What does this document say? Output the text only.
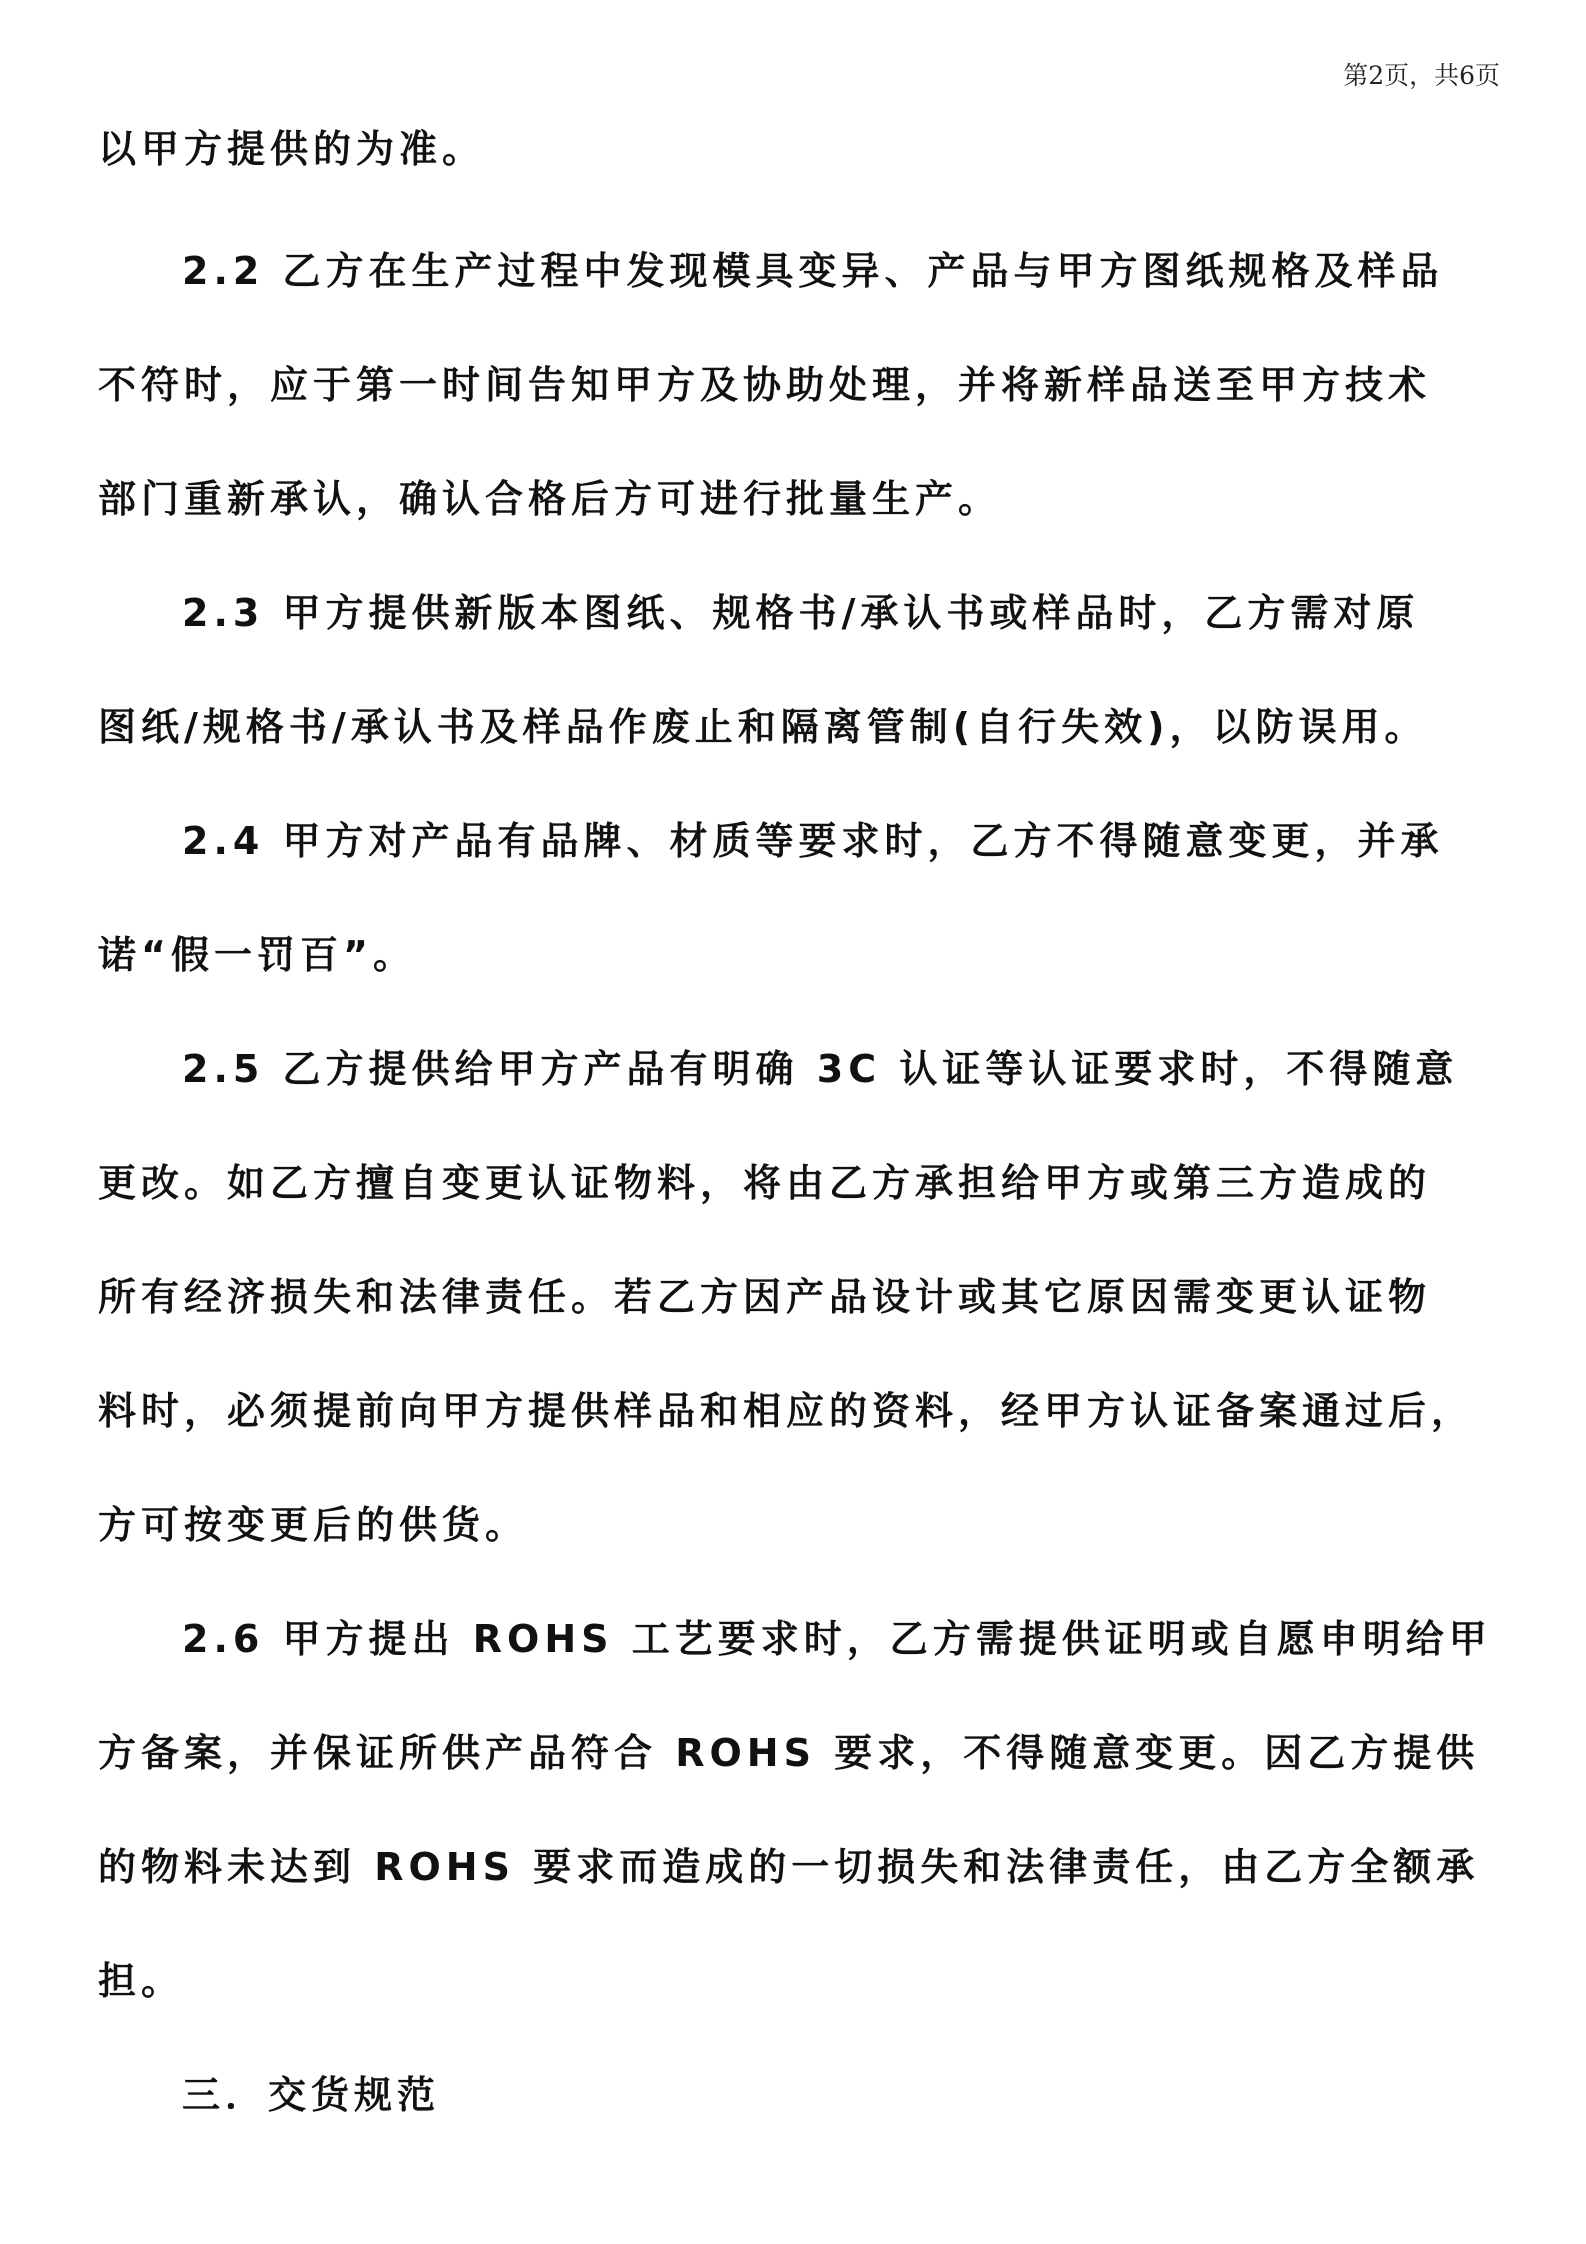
第2页，共6页
以甲方提供的为准。
2.2 乙方在生产过程中发现模具变异、产品与甲方图纸规格及样品
不符时，应于第一时间告知甲方及协助处理，并将新样品送至甲方技术
部门重新承认，确认合格后方可进行批量生产。
2.3 甲方提供新版本图纸、规格书/承认书或样品时，乙方需对原
图纸/规格书/承认书及样品作废止和隔离管制(自行失效)，以防误用。
2.4 甲方对产品有品牌、材质等要求时，乙方不得随意变更，并承
诺“假一罚百”。
2.5 乙方提供给甲方产品有明确 3C 认证等认证要求时，不得随意
更改。如乙方擅自变更认证物料，将由乙方承担给甲方或第三方造成的
所有经济损失和法律责任。若乙方因产品设计或其它原因需变更认证物
料时，必须提前向甲方提供样品和相应的资料，经甲方认证备案通过后，
方可按变更后的供货。
2.6 甲方提出 ROHS 工艺要求时，乙方需提供证明或自愿申明给甲
方备案，并保证所供产品符合 ROHS 要求，不得随意变更。因乙方提供
的物料未达到 ROHS 要求而造成的一切损失和法律责任，由乙方全额承
担。
三．交货规范
